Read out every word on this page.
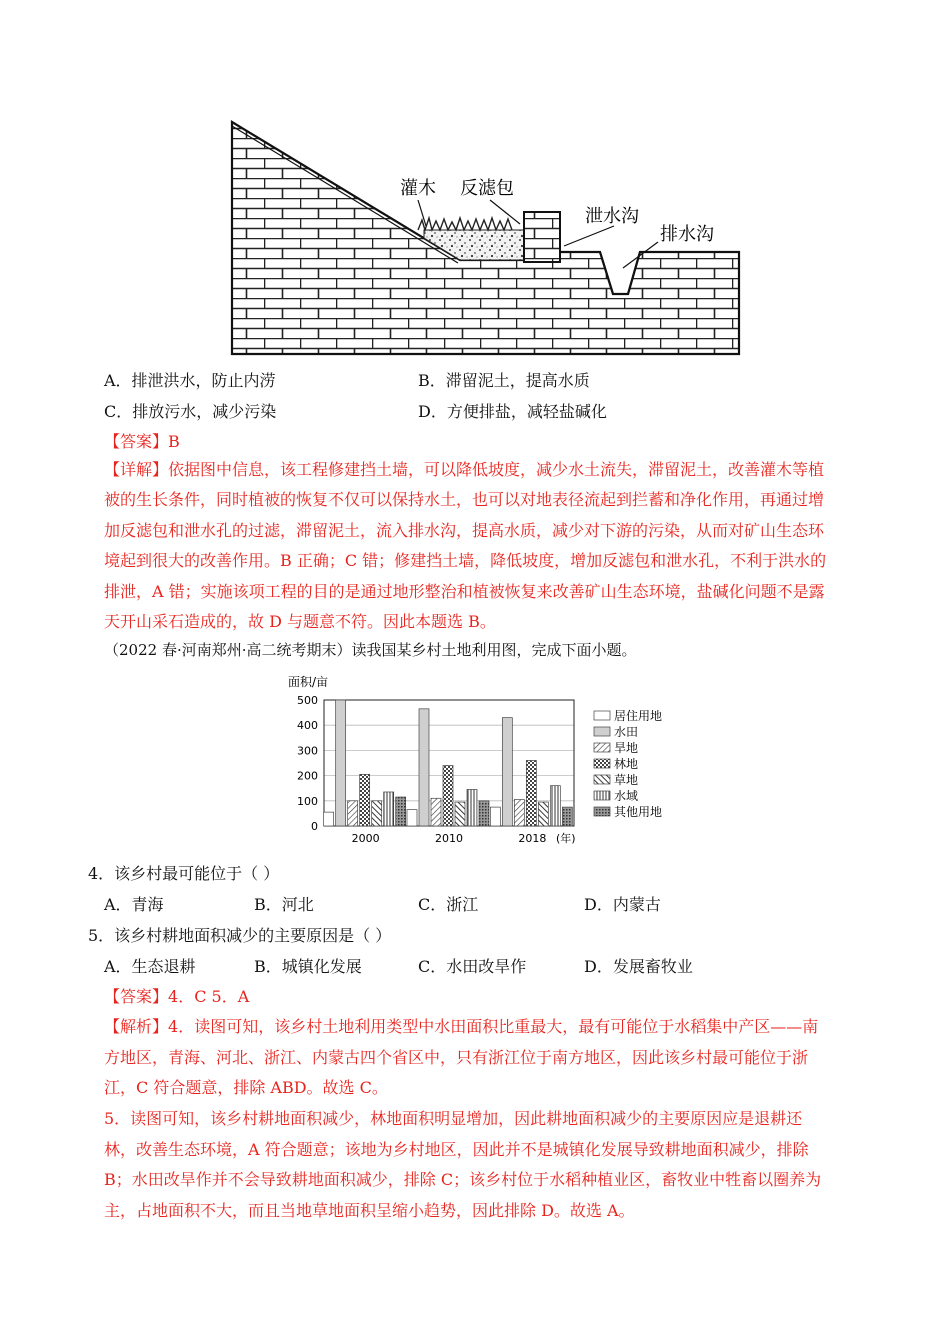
灌木 反滤包
泄水沟
排水沟
A．排泄洪水，防止内涝	B．滞留泥土，提高水质
C．排放污水，减少污染	D．方便排盐，减轻盐碱化
【答案】B

【详解】依据图中信息，该工程修建挡土墙，可以降低坡度，减少水土流失，滞留泥土，改善灌木等植

被的生长条件，同时植被的恢复不仅可以保持水土，也可以对地表径流起到拦蓄和净化作用，再通过增

加反滤包和泄水孔的过滤，滞留泥土，流入排水沟，提高水质，减少对下游的污染，从而对矿山生态环

境起到很大的改善作用。B 正确；C 错；修建挡土墙，降低坡度，增加反滤包和泄水孔，不利于洪水的

排泄，A 错；实施该项工程的目的是通过地形整治和植被恢复来改善矿山生态环境，盐碱化问题不是露

天开山采石造成的，故 D 与题意不符。因此本题选 B。

（2022 春·河南郑州·高二统考期末）读我国某乡村土地利用图，完成下面小题。
面积/亩
0
100
200
300
400
500
2000	2010	2018 (年)
居住用地
水田
旱地
林地
草地
水域
其他用地
4．该乡村最可能位于（ ）
A．青海	B．河北	C．浙江	D．内蒙古
5．该乡村耕地面积减少的主要原因是（ ）
A．生态退耕	B．城镇化发展	C．水田改旱作	D．发展畜牧业
【答案】4．C 5．A

【解析】4．读图可知，该乡村土地利用类型中水田面积比重最大，最有可能位于水稻集中产区——南

方地区，青海、河北、浙江、内蒙古四个省区中，只有浙江位于南方地区，因此该乡村最可能位于浙

江，C 符合题意，排除 ABD。故选 C。

5．读图可知，该乡村耕地面积减少，林地面积明显增加，因此耕地面积减少的主要原因应是退耕还

林，改善生态环境，A 符合题意；该地为乡村地区，因此并不是城镇化发展导致耕地面积减少，排除

B；水田改旱作并不会导致耕地面积减少，排除 C；该乡村位于水稻种植业区，畜牧业中牲畜以圈养为

主，占地面积不大，而且当地草地面积呈缩小趋势，因此排除 D。故选 A。
